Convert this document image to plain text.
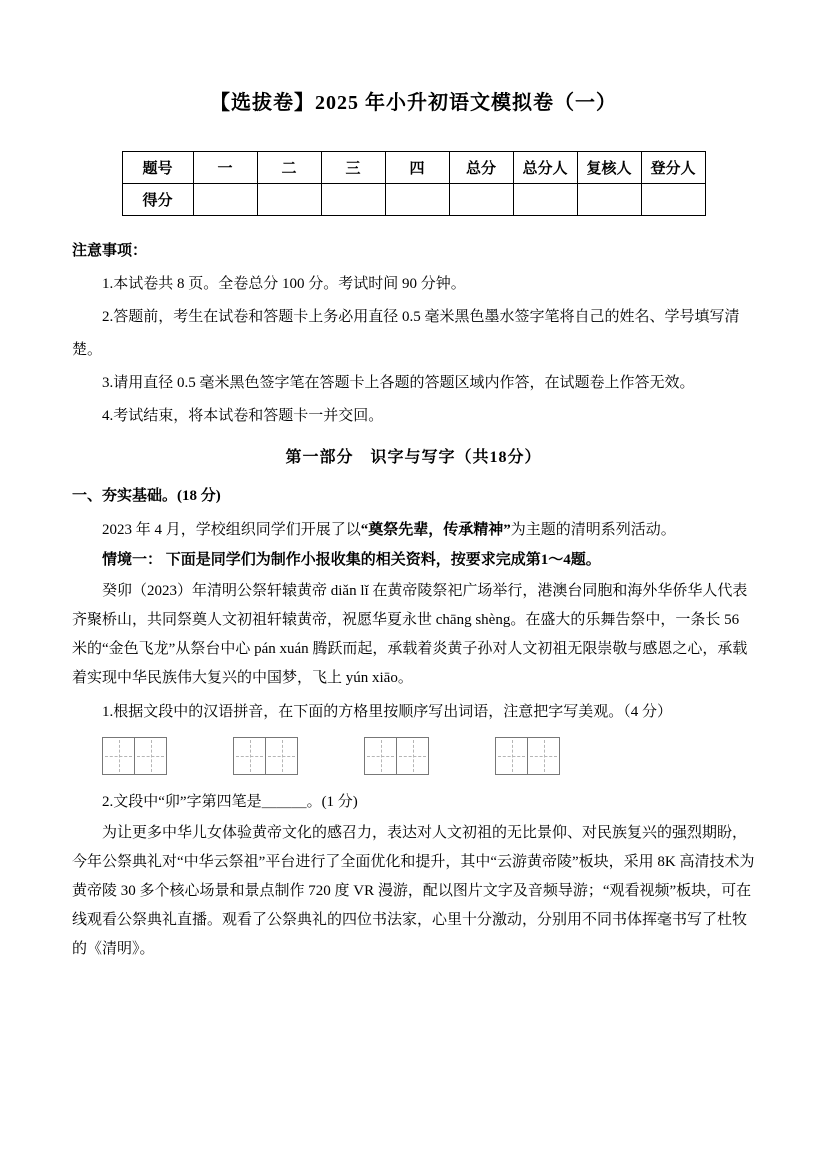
【选拔卷】2025 年小升初语文模拟卷（一）
题号	一	二	三	四	总分	总分人	复核人	登分人
得分								

注意事项：

1.本试卷共 8 页。全卷总分 100 分。考试时间 90 分钟。

2.答题前，考生在试卷和答题卡上务必用直径 0.5 毫米黑色墨水签字笔将自己的姓名、学号填写清楚。

3.请用直径 0.5 毫米黑色签字笔在答题卡上各题的答题区域内作答，在试题卷上作答无效。

4.考试结束，将本试卷和答题卡一并交回。

第一部分　识字与写字（共18分）

一、夯实基础。(18 分)

2023 年 4 月，学校组织同学们开展了以“奠祭先辈，传承精神”为主题的清明系列活动。

情境一： 下面是同学们为制作小报收集的相关资料，按要求完成第1～4题。

癸卯（2023）年清明公祭轩辕黄帝 diǎn lǐ 在黄帝陵祭祀广场举行，港澳台同胞和海外华侨华人代表齐聚桥山，共同祭奠人文初祖轩辕黄帝，祝愿华夏永世 chāng shèng。在盛大的乐舞告祭中，一条长 56 米的“金色飞龙”从祭台中心 pán xuán 腾跃而起，承载着炎黄子孙对人文初祖无限崇敬与感恩之心，承载着实现中华民族伟大复兴的中国梦，飞上 yún xiāo。

1.根据文段中的汉语拼音，在下面的方格里按顺序写出词语，注意把字写美观。（4 分）

2.文段中“卯”字第四笔是＿＿＿。(1 分)

为让更多中华儿女体验黄帝文化的感召力，表达对人文初祖的无比景仰、对民族复兴的强烈期盼，今年公祭典礼对“中华云祭祖”平台进行了全面优化和提升，其中“云游黄帝陵”板块，采用 8K 高清技术为黄帝陵 30 多个核心场景和景点制作 720 度 VR 漫游，配以图片文字及音频导游；“观看视频”板块，可在线观看公祭典礼直播。观看了公祭典礼的四位书法家，心里十分激动，分别用不同书体挥毫书写了杜牧的《清明》。
